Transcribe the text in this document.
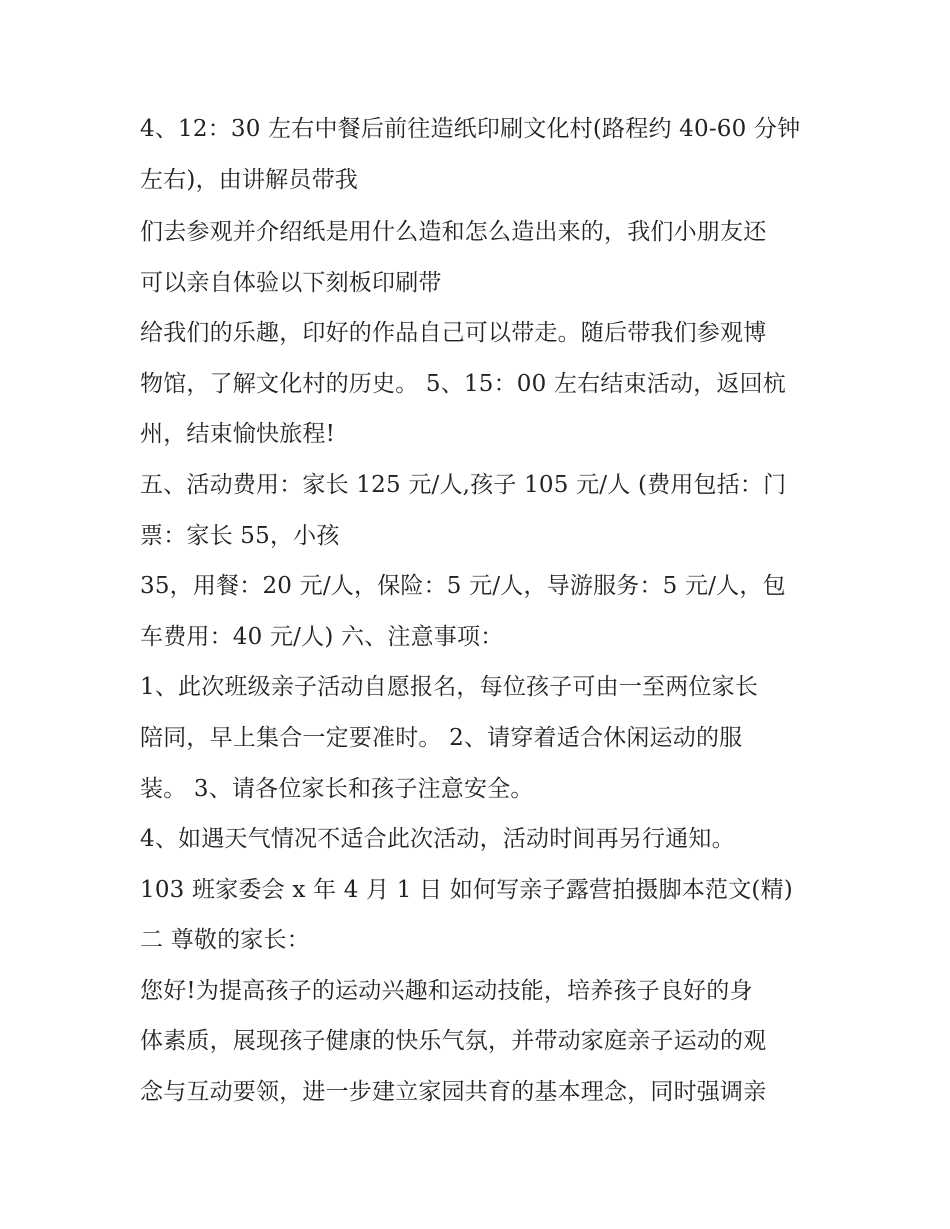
4、12：30 左右中餐后前往造纸印刷文化村(路程约 40-60 分钟
左右)，由讲解员带我
们去参观并介绍纸是用什么造和怎么造出来的，我们小朋友还
可以亲自体验以下刻板印刷带
给我们的乐趣，印好的作品自己可以带走。随后带我们参观博
物馆，了解文化村的历史。 5、15：00 左右结束活动，返回杭
州，结束愉快旅程!
五、活动费用：家长 125 元/人,孩子 105 元/人 (费用包括：门
票：家长 55，小孩
35，用餐：20 元/人，保险：5 元/人，导游服务：5 元/人，包
车费用：40 元/人) 六、注意事项：
1、此次班级亲子活动自愿报名，每位孩子可由一至两位家长
陪同，早上集合一定要准时。 2、请穿着适合休闲运动的服
装。 3、请各位家长和孩子注意安全。
4、如遇天气情况不适合此次活动，活动时间再另行通知。
103 班家委会 x 年 4 月 1 日 如何写亲子露营拍摄脚本范文(精)
二 尊敬的家长：
您好!为提高孩子的运动兴趣和运动技能，培养孩子良好的身
体素质，展现孩子健康的快乐气氛，并带动家庭亲子运动的观
念与互动要领，进一步建立家园共育的基本理念，同时强调亲
